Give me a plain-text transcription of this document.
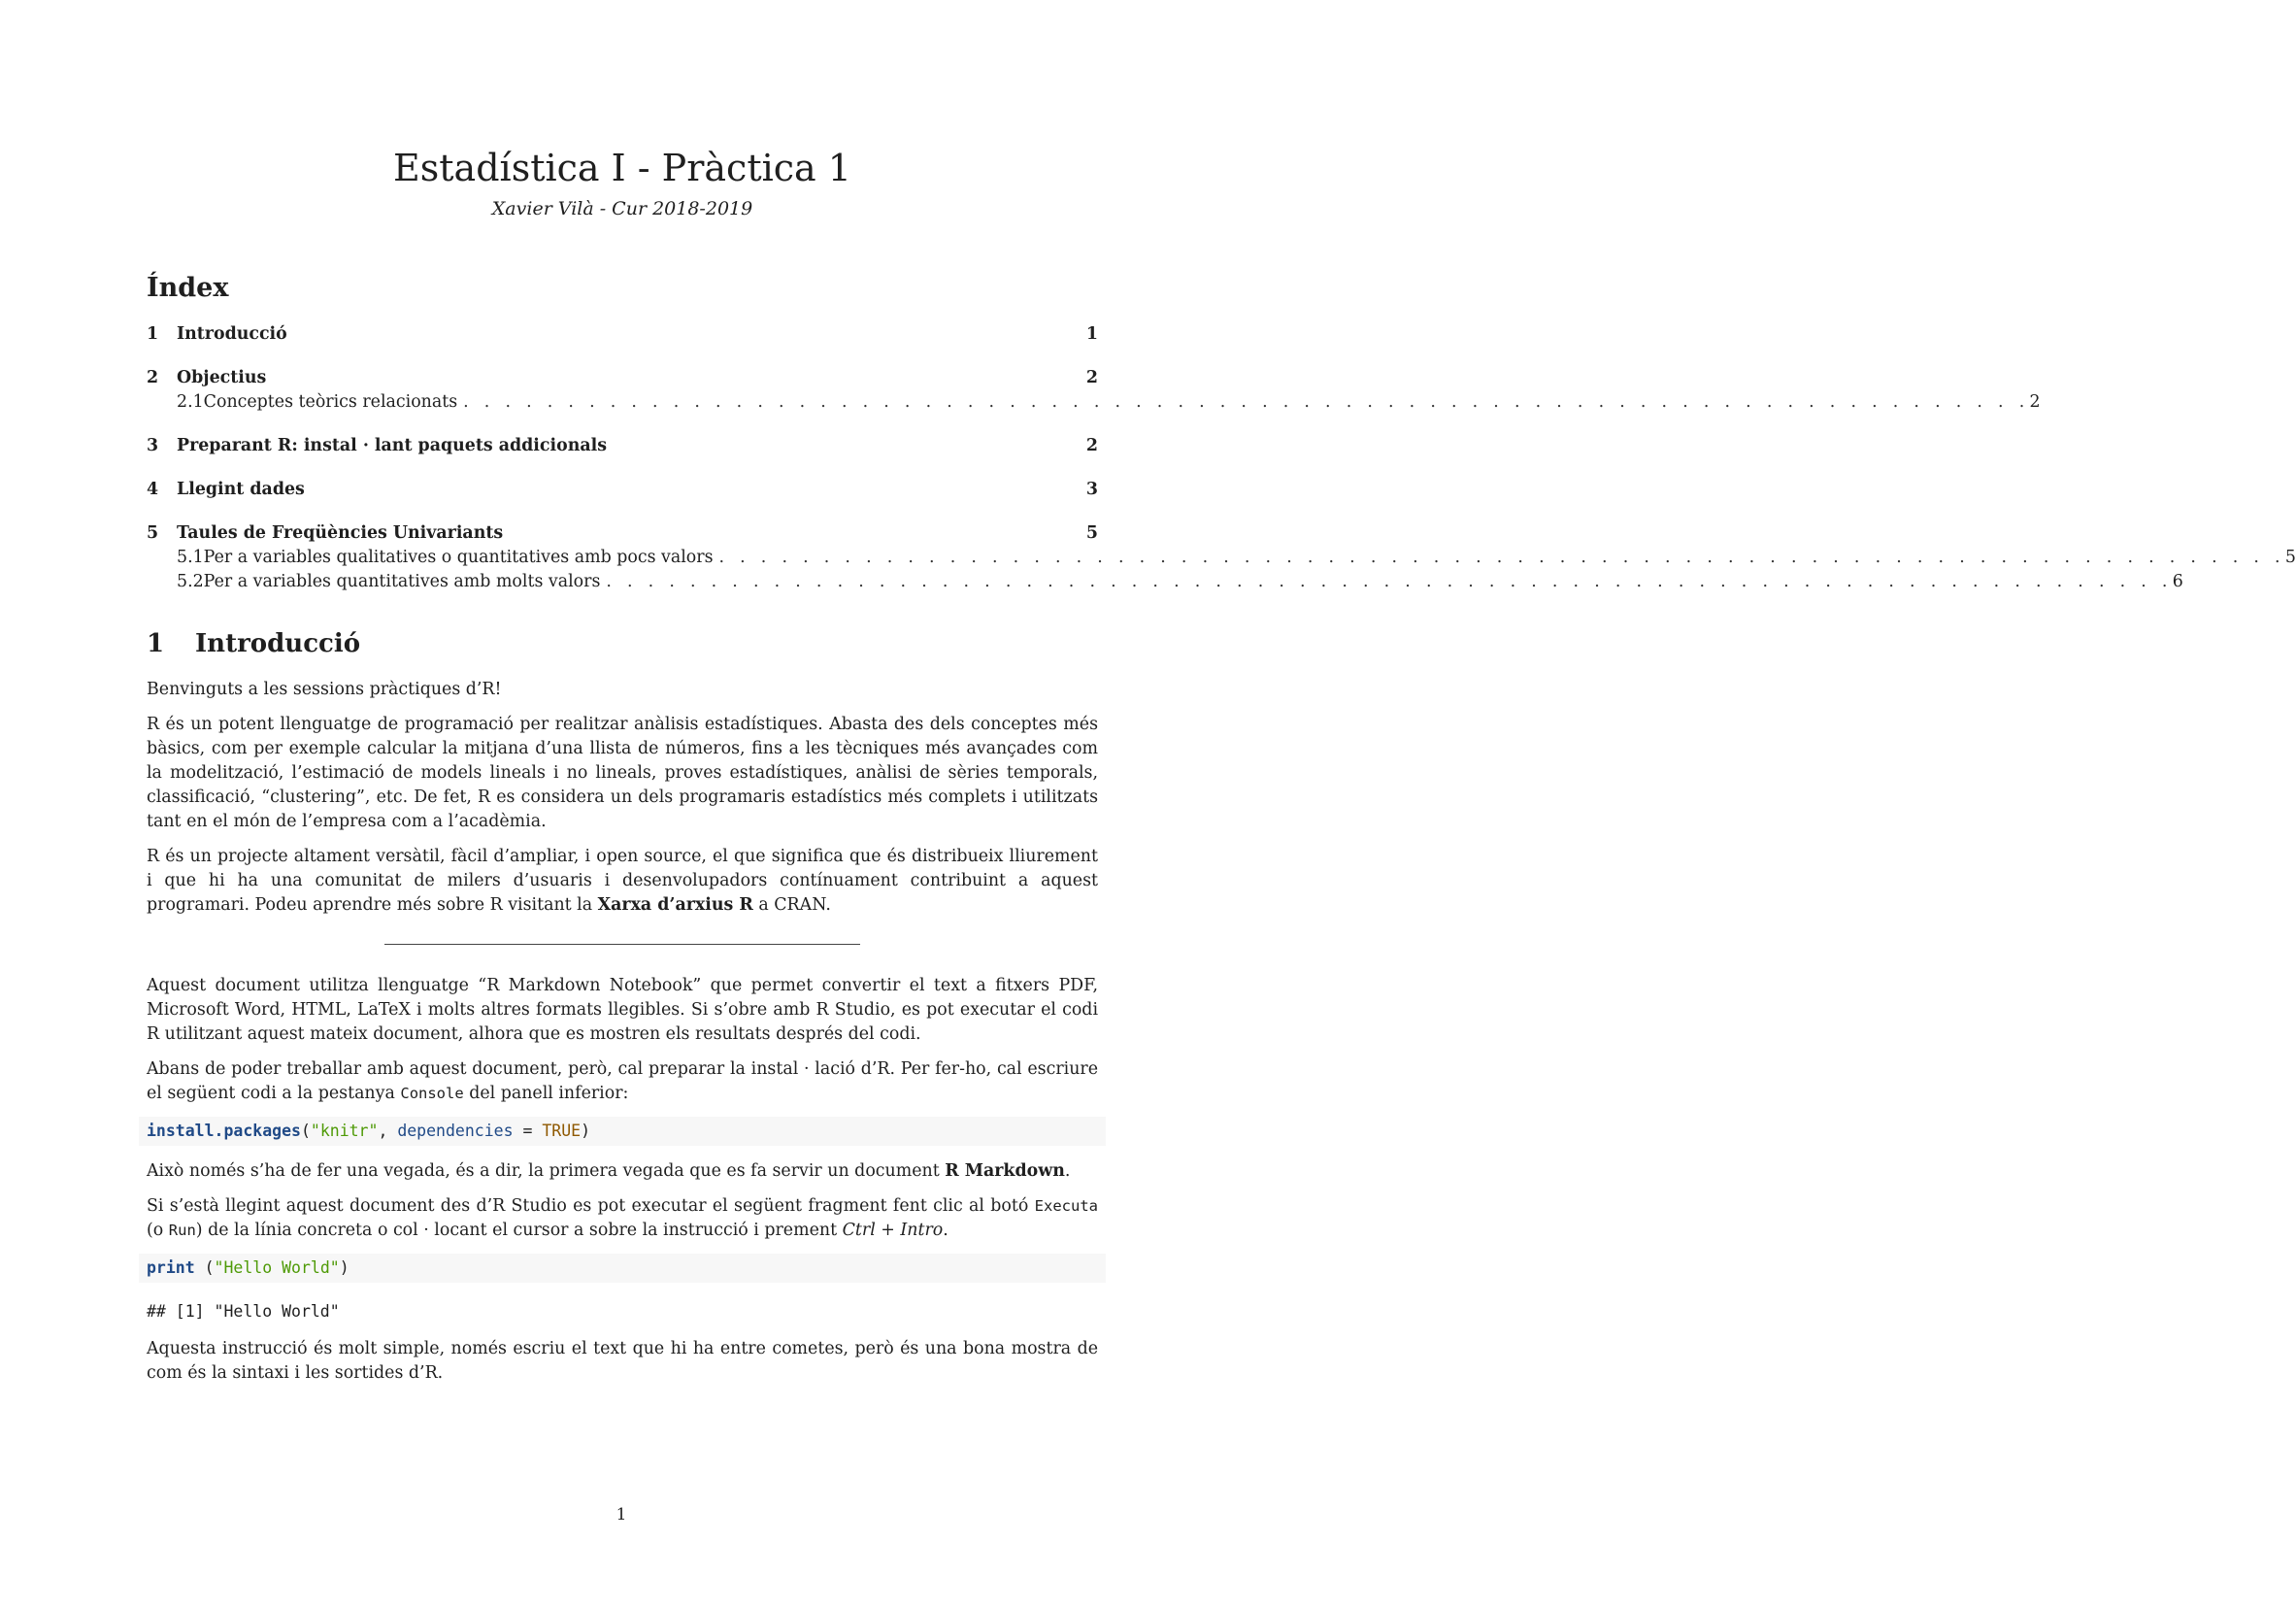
Estadística I - Pràctica 1
Xavier Vilà - Cur 2018-2019
Índex
1	Introducció	1
2	Objectius	2
2.1 Conceptes teòrics relacionats . . . . . . . . . . . . . . . . . . . . . . . . . . . . . . . . . . . . . . . . . . . . . . . . . . . . . . . . . . . . . . . . . . . . . . . . . . . 2
3	Preparant R: instal · lant paquets addicionals	2
4	Llegint dades	3
5	Taules de Freqüències Univariants	5
5.1 Per a variables qualitatives o quantitatives amb pocs valors . . . . . . . . . . . . . . . . . . . . . . . . . . . . . . . . . . . . . . . . . . . . . . . . . . . . . . . . . . . . . . . . . . . . . . . . . . . 5
5.2 Per a variables quantitatives amb molts valors . . . . . . . . . . . . . . . . . . . . . . . . . . . . . . . . . . . . . . . . . . . . . . . . . . . . . . . . . . . . . . . . . . . . . . . . . . . 6
1	Introducció

Benvinguts a les sessions pràctiques d’R!

R és un potent llenguatge de programació per realitzar anàlisis estadístiques. Abasta des dels conceptes més bàsics, com per exemple calcular la mitjana d’una llista de números, fins a les tècniques més avançades com la modelització, l’estimació de models lineals i no lineals, proves estadístiques, anàlisi de sèries temporals, classificació, “clustering”, etc. De fet, R es considera un dels programaris estadístics més complets i utilitzats tant en el món de l’empresa com a l’acadèmia.

R és un projecte altament versàtil, fàcil d’ampliar, i open source, el que significa que és distribueix lliurement i que hi ha una comunitat de milers d’usuaris i desenvolupadors contínuament contribuint a aquest programari. Podeu aprendre més sobre R visitant la Xarxa d’arxius R a CRAN.

Aquest document utilitza llenguatge “R Markdown Notebook” que permet convertir el text a fitxers PDF, Microsoft Word, HTML, LaTeX i molts altres formats llegibles. Si s’obre amb R Studio, es pot executar el codi R utilitzant aquest mateix document, alhora que es mostren els resultats després del codi.

Abans de poder treballar amb aquest document, però, cal preparar la instal · lació d’R. Per fer-ho, cal escriure el següent codi a la pestanya Console del panell inferior:

install.packages("knitr", dependencies = TRUE)

Això només s’ha de fer una vegada, és a dir, la primera vegada que es fa servir un document R Markdown.

Si s’està llegint aquest document des d’R Studio es pot executar el següent fragment fent clic al botó Executa (o Run) de la línia concreta o col · locant el cursor a sobre la instrucció i prement Ctrl + Intro.

print ("Hello World")
## [1] "Hello World"

Aquesta instrucció és molt simple, només escriu el text que hi ha entre cometes, però és una bona mostra de com és la sintaxi i les sortides d’R.

1
